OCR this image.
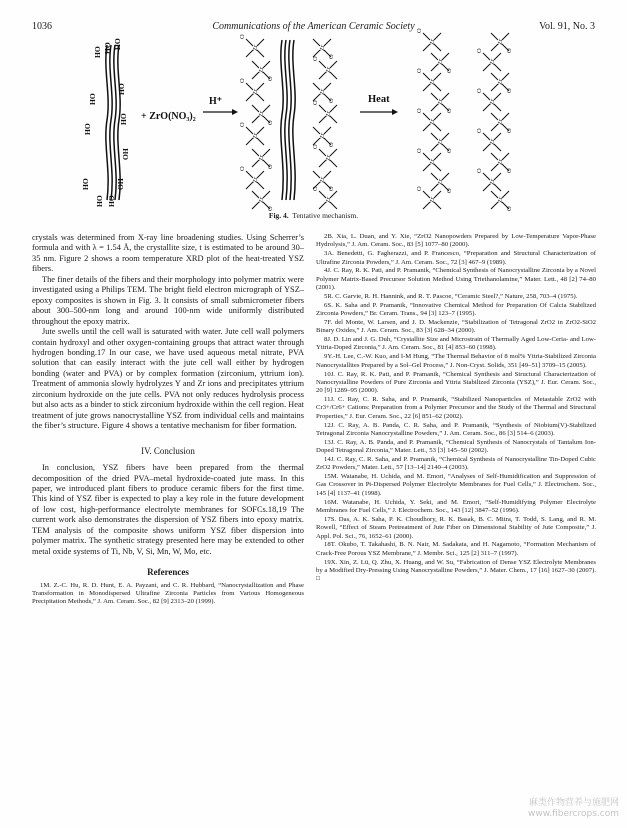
1036	Communications of the American Ceramic Society	Vol. 91, No. 3
HO
HO
HO
HO HO HO
HO
HO
OH
OH
HO HO
+ ZrO(NO₃)₂
H⁺
Zr
O
Zr
O
Zr
O
Zr
O
Zr
O
Zr
O
Zr
O
Zr
O
Zr
O
Zr
O
Zr
O
Zr
O
Zr
O
Zr
O
Zr
O
Zr
O
Zr
O
Zr
O
Zr
O
Zr
O
Zr
O
Zr
O
Zr
O
Zr
O
Zr
O
Zr
O
Zr
O
Zr
O
Zr
O
Zr
O
Zr
O
Zr
O
Zr
O
Zr
O
Heat
Fig. 4. Tentative mechanism.

crystals was determined from X-ray line broadening studies. Using Scherrer’s formula and with λ = 1.54 Å, the crystallite size, t is estimated to be around 30–35 nm. Figure 2 shows a room temperature XRD plot of the heat-treated YSZ fibers.

The finer details of the fibers and their morphology into polymer matrix were investigated using a Philips TEM. The bright field electron micrograph of YSZ–epoxy composites is shown in Fig. 3. It consists of small submicrometer fibers about 300–500-nm long and around 100-nm wide uniformly distributed throughout the epoxy matrix.

Jute swells until the cell wall is saturated with water. Jute cell wall polymers contain hydroxyl and other oxygen-containing groups that attract water through hydrogen bonding.17 In our case, we have used aqueous metal nitrate, PVA solution that can easily interact with the jute cell wall either by hydrogen bonding (water and PVA) or by complex formation (zirconium, yttrium ion). Treatment of ammonia slowly hydrolyzes Y and Zr ions and precipitates yttrium zirconium hydroxide on the jute cells. PVA not only reduces hydrolysis process but also acts as a binder to stick zirconium hydroxide within the cell region. Heat treatment of jute grows nanocrystalline YSZ from individual cells and maintains the fiber’s structure. Figure 4 shows a tentative mechanism for fiber formation.

IV. Conclusion

In conclusion, YSZ fibers have been prepared from the thermal decomposition of the dried PVA–metal hydroxide-coated jute mass. In this paper, we introduced plant fibers to produce ceramic fibers for the first time. This kind of YSZ fiber is expected to play a key role in the future development of low cost, high-performance electrolyte membranes for SOFCs.18,19 The current work also demonstrates the dispersion of YSZ fibers into epoxy matrix. TEM analysis of the composite shows uniform YSZ fiber dispersion into polymer matrix. The synthetic strategy presented here may be extended to other metal oxide systems of Ti, Nb, V, Si, Mn, W, Mo, etc.

References

1M. Z.-C. Hu, R. D. Hunt, E. A. Payzant, and C. R. Hubbard, “Nanocrystallization and Phase Transformation in Monodispersed Ultrafine Zirconia Particles from Various Homogeneous Precipitation Methods,” J. Am. Ceram. Soc., 82 [9] 2313–20 (1999).

2B. Xia, L. Duan, and Y. Xie, “ZrO2 Nanopowders Prepared by Low-Temperature Vapor-Phase Hydrolysis,” J. Am. Ceram. Soc., 83 [5] 1077–80 (2000).

3A. Benedetti, G. Fagherazzi, and P. Francesco, “Preparation and Structural Characterization of Ultrafine Zirconia Powders,” J. Am. Ceram. Soc., 72 [3] 467–9 (1989).

4J. C. Ray, R. K. Pati, and P. Pramanik, “Chemical Synthesis of Nanocrystalline Zirconia by a Novel Polymer Matrix-Based Precursor Solution Method Using Triethanolamine,” Mater. Lett., 48 [2] 74–80 (2001).

5R. C. Garvie, R. H. Hannink, and R. T. Pascoe, “Ceramic Steel?,” Nature, 258, 703–4 (1975).

6S. K. Saha and P. Pramanik, “Innovative Chemical Method for Preparation Of Calcia Stabilized Zirconia Powders,” Br. Ceram. Trans., 94 [3] 123–7 (1995).

7F. del Monte, W. Larsen, and J. D. Mackenzie, “Stabilization of Tetragonal ZrO2 in ZrO2-SiO2 Binary Oxides,” J. Am. Ceram. Soc., 83 [3] 628–34 (2000).

8J. D. Lin and J. G. Duh, “Crystallite Size and Microstrain of Thermally Aged Low-Ceria- and Low-Yttria-Doped Zirconia,” J. Am. Ceram. Soc., 81 [4] 853–60 (1998).

9Y.-H. Lee, C.-W. Kuo, and I-M Hung, “The Thermal Behavior of 8 mol% Yttria-Stabilized Zirconia Nanocrystallites Prepared by a Sol–Gel Process,” J. Non-Cryst. Solids, 351 [49–51] 3709–15 (2005).

10J. C. Ray, R. K. Pati, and P. Pramanik, “Chemical Synthesis and Structural Characterization of Nanocrystalline Powders of Pure Zirconia and Yttria Stabilized Zirconia (YSZ),” J. Eur. Ceram. Soc., 20 [9] 1289–95 (2000).

11J. C. Ray, C. R. Saha, and P. Pramanik, “Stabilized Nanoparticles of Metastable ZrO2 with Cr3+/Cr6+ Cations: Preparation from a Polymer Precursor and the Study of the Thermal and Structural Properties,” J. Eur. Ceram. Soc., 22 [6] 851–62 (2002).

12J. C. Ray, A. B. Panda, C. R. Saha, and P. Pramanik, “Synthesis of Niobium(V)-Stabilized Tetragonal Zirconia Nanocrystalline Powders,” J. Am. Ceram. Soc., 86 [3] 514–6 (2003).

13J. C. Ray, A. B. Panda, and P. Pramanik, “Chemical Synthesis of Nanocrystals of Tantalum Ion-Doped Tetragonal Zirconia,” Mater. Lett., 53 [3] 145–50 (2002).

14J. C. Ray, C. R. Saha, and P. Pramanik, “Chemical Synthesis of Nanocrystalline Tin-Doped Cubic ZrO2 Powders,” Mater. Lett., 57 [13–14] 2140–4 (2003).

15M. Watanabe, H. Uchida, and M. Emori, “Analyses of Self-Humidification and Suppression of Gas Crossover in Pt-Dispersed Polymer Electrolyte Membranes for Fuel Cells,” J. Electrochem. Soc., 145 [4] 1137–41 (1998).

16M. Watanabe, H. Uchida, Y. Seki, and M. Emori, “Self-Humidifying Polymer Electrolyte Membranes for Fuel Cells,” J. Electrochem. Soc., 143 [12] 3847–52 (1996).

17S. Das, A. K. Saha, P. K. Choudhory, R. K. Basak, B. C. Mitra, T. Todd, S. Lang, and R. M. Rowell, “Effect of Steam Pretreatment of Jute Fiber on Dimensional Stability of Jute Composite,” J. Appl. Pol. Sci., 76, 1652–61 (2000).

18T. Okubo, T. Takahashi, B. N. Nair, M. Sadakata, and H. Nagamoto, “Formation Mechanism of Crack-Free Porous YSZ Membrane,” J. Membr. Sci., 125 [2] 311–7 (1997).

19X. Xin, Z. Lü, Q. Zhu, X. Huang, and W. Su, “Fabrication of Dense YSZ Electrolyte Membranes by a Modified Dry-Pressing Using Nanocrystalline Powders,” J. Mater. Chem., 17 [16] 1627–30 (2007). □

麻类作物营养与施肥网
www.fibercrops.com
